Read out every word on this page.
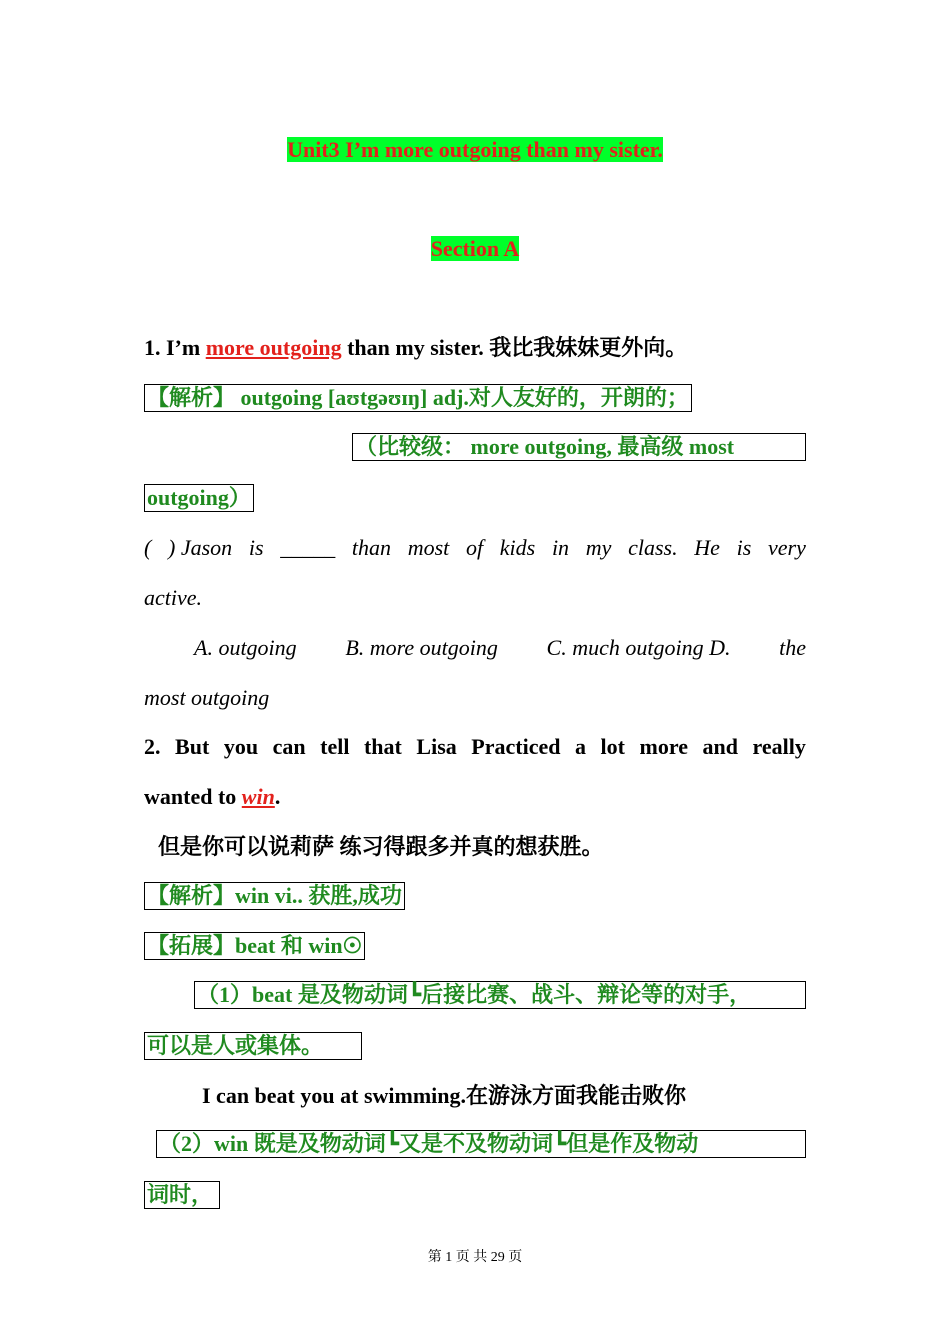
Unit3 I’m more outgoing than my sister.
Section A
1. I’m more outgoing than my sister. 我比我妹妹更外向。
【解析】 outgoing [aʊtgəʊɪŋ] adj.对人友好的，开朗的；
（比较级： more outgoing, 最高级 most
outgoing）
( ) Jason is _____ than most of kids in my class. He is very
active.
A. outgoing B. more outgoing C. much outgoing D. the
most outgoing
2. But you can tell that Lisa Practiced a lot more and really
wanted to win.
但是你可以说莉萨 练习得跟多并真的想获胜。
【解析】win vi.. 获胜,成功
【拓展】beat 和 win☉
（1）beat 是及物动词┗后接比赛、战斗、辩论等的对手，
可以是人或集体。
I can beat you at swimming.在游泳方面我能击败你
（2）win 既是及物动词┗又是不及物动词┗但是作及物动
词时，
第 1 页 共 29 页
